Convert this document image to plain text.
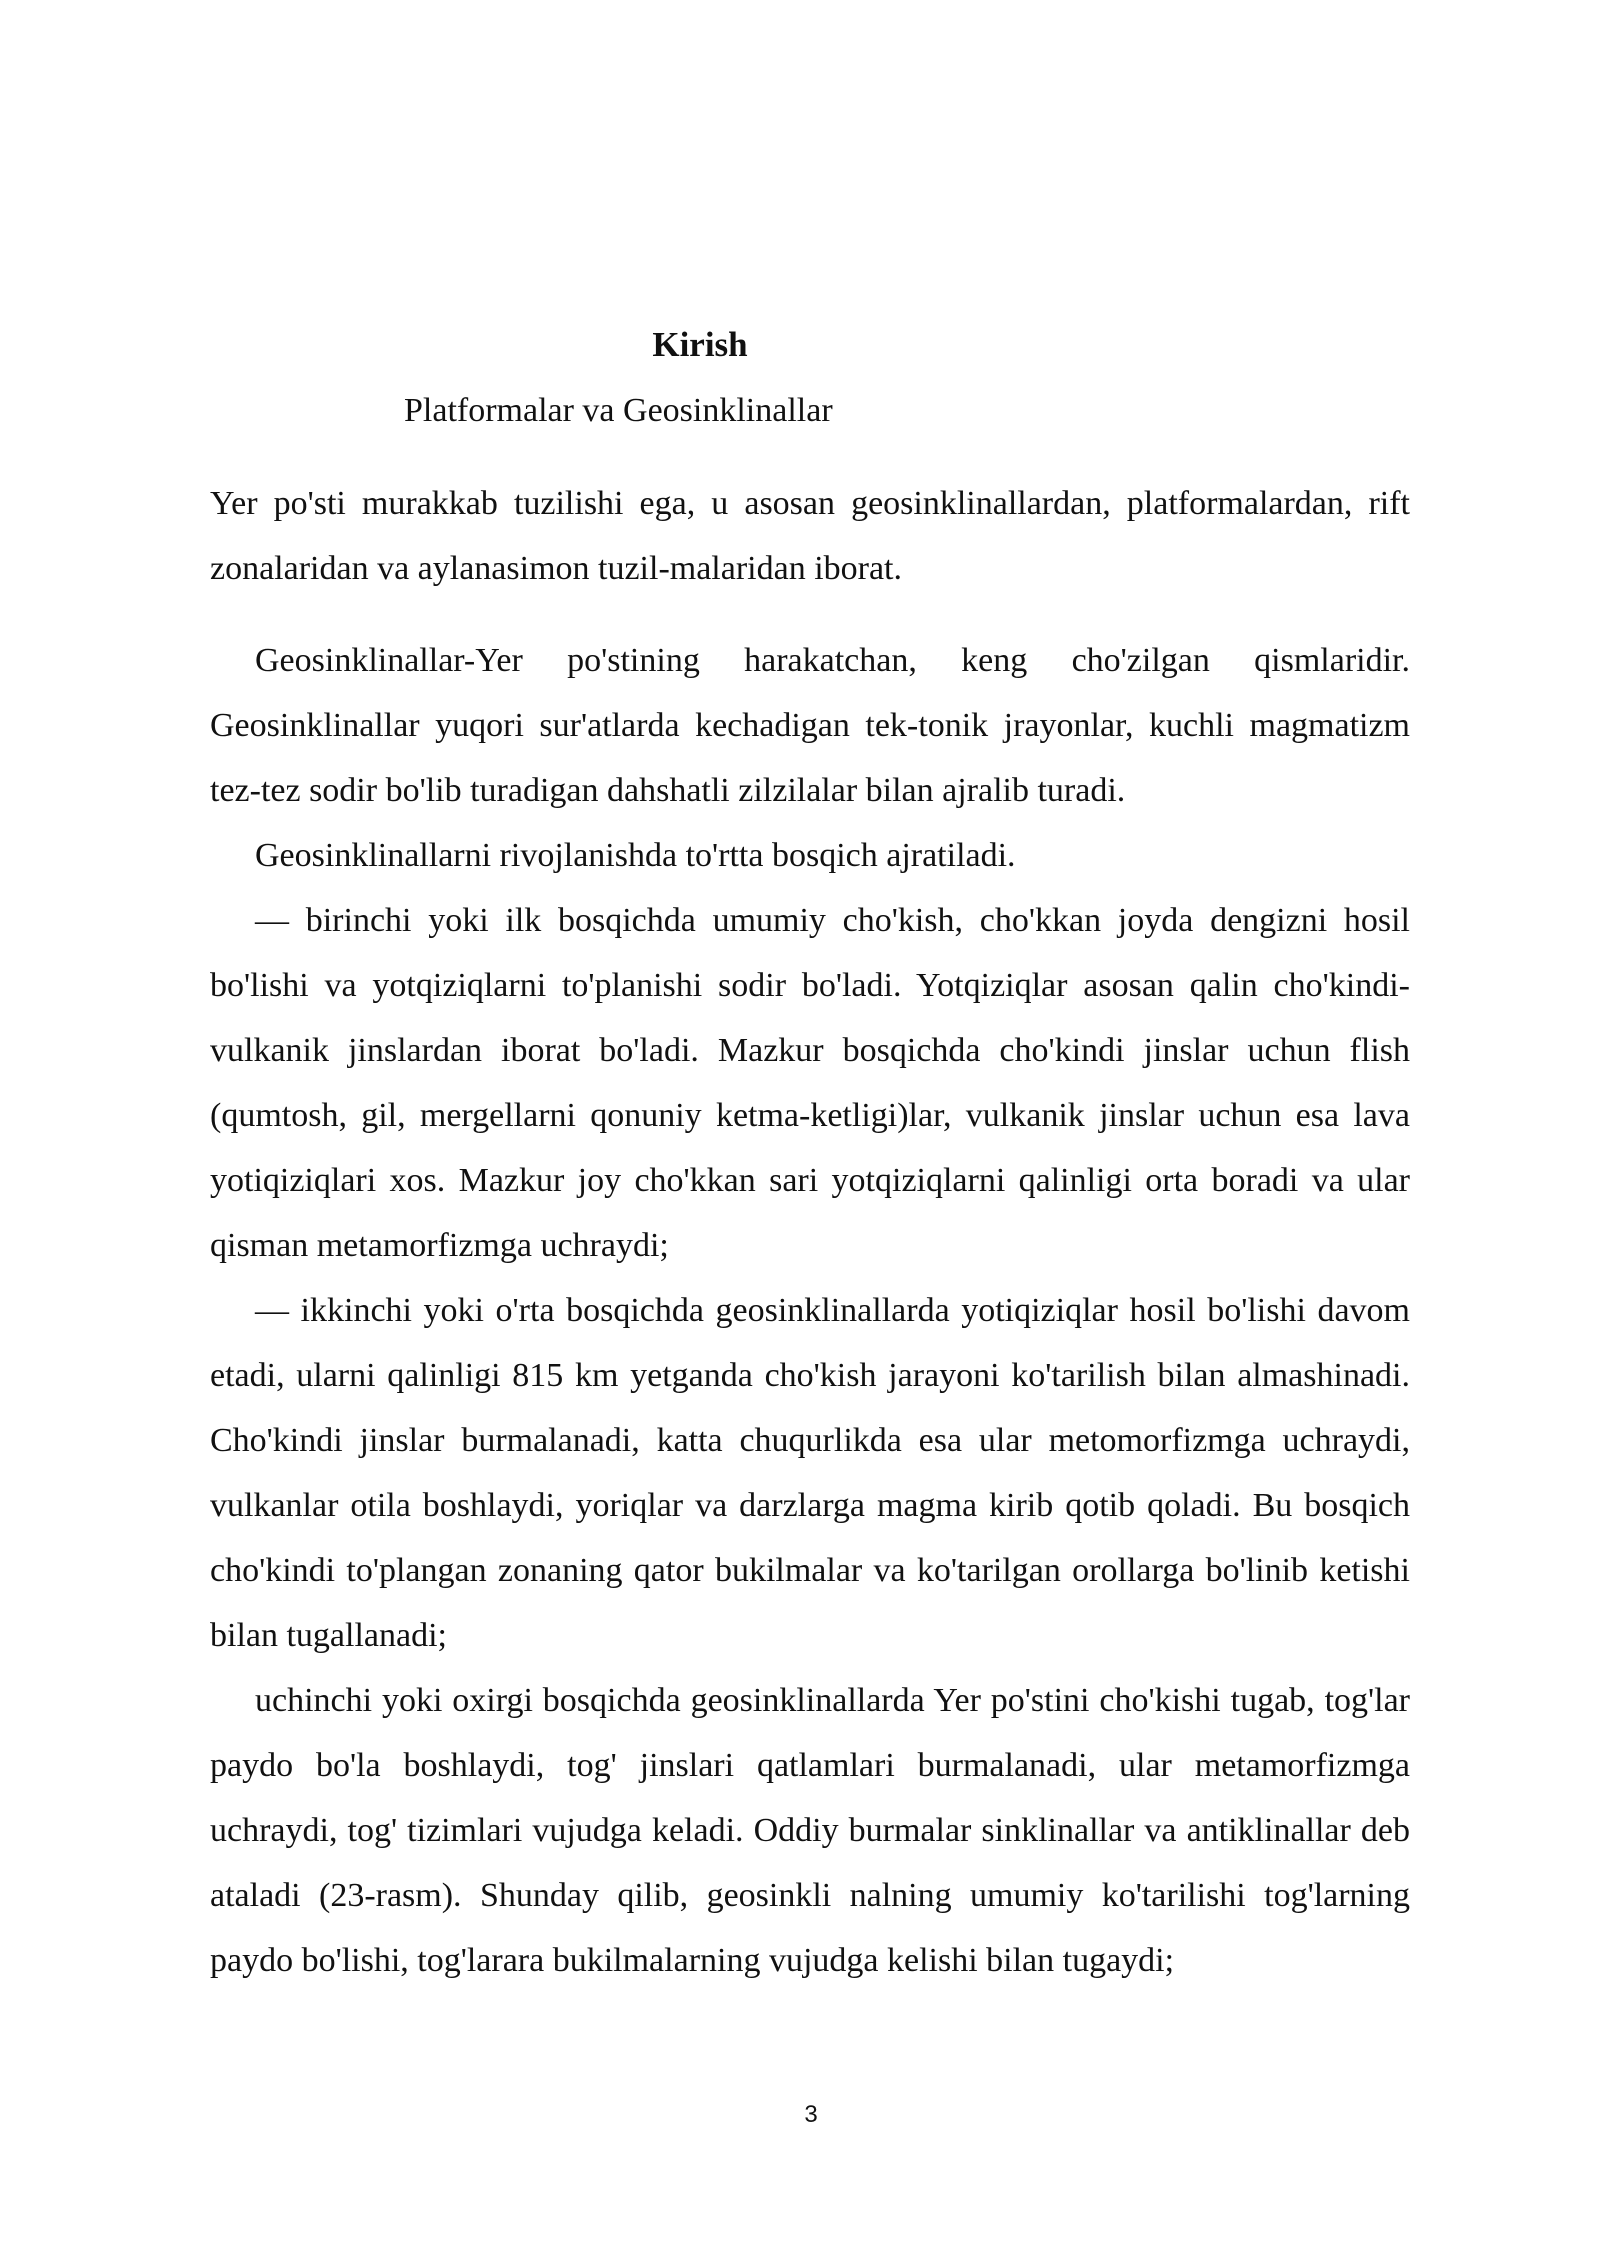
Kirish
Platformalar va Geosinklinallar

Yer po'sti murakkab tuzilishi ega, u asosan geosinklinallardan, platformalardan, rift zonalaridan va aylanasimon tuzil-malaridan iborat.

Geosinklinallar-Yer po'stining harakatchan, keng cho'zilgan qismlaridir. Geosinklinallar yuqori sur'atlarda kechadigan tek-tonik jrayonlar, kuchli magmatizm tez-tez sodir bo'lib turadigan dahshatli zilzilalar bilan ajralib turadi.

Geosinklinallarni rivojlanishda to'rtta bosqich ajratiladi.

— birinchi yoki ilk bosqichda umumiy cho'kish, cho'kkan joyda dengizni hosil bo'lishi va yotqiziqlarni to'planishi sodir bo'ladi. Yotqiziqlar asosan qalin cho'kindi-vulkanik jinslardan iborat bo'ladi. Mazkur bosqichda cho'kindi jinslar uchun flish (qumtosh, gil, mergellarni qonuniy ketma-ketligi)lar, vulkanik jinslar uchun esa lava yotiqiziqlari xos. Mazkur joy cho'kkan sari yotqiziqlarni qalinligi orta boradi va ular qisman metamorfizmga uchraydi;

— ikkinchi yoki o'rta bosqichda geosinklinallarda yotiqiziqlar hosil bo'lishi davom etadi, ularni qalinligi 815 km yetganda cho'kish jarayoni ko'tarilish bilan almashinadi. Cho'kindi jinslar burmalanadi, katta chuqurlikda esa ular metomorfizmga uchraydi, vulkanlar otila boshlaydi, yoriqlar va darzlarga magma kirib qotib qoladi. Bu bosqich cho'kindi to'plangan zonaning qator bukilmalar va ko'tarilgan orollarga bo'linib ketishi bilan tugallanadi;

uchinchi yoki oxirgi bosqichda geosinklinallarda Yer po'stini cho'kishi tugab, tog'lar paydo bo'la boshlaydi, tog' jinslari qatlamlari burmalanadi, ular metamorfizmga uchraydi, tog' tizimlari vujudga keladi. Oddiy burmalar sinklinallar va antiklinallar deb ataladi (23-rasm). Shunday qilib, geosinkli nalning umumiy ko'tarilishi tog'larning paydo bo'lishi, tog'larara bukilmalarning vujudga kelishi bilan tugaydi;

3
